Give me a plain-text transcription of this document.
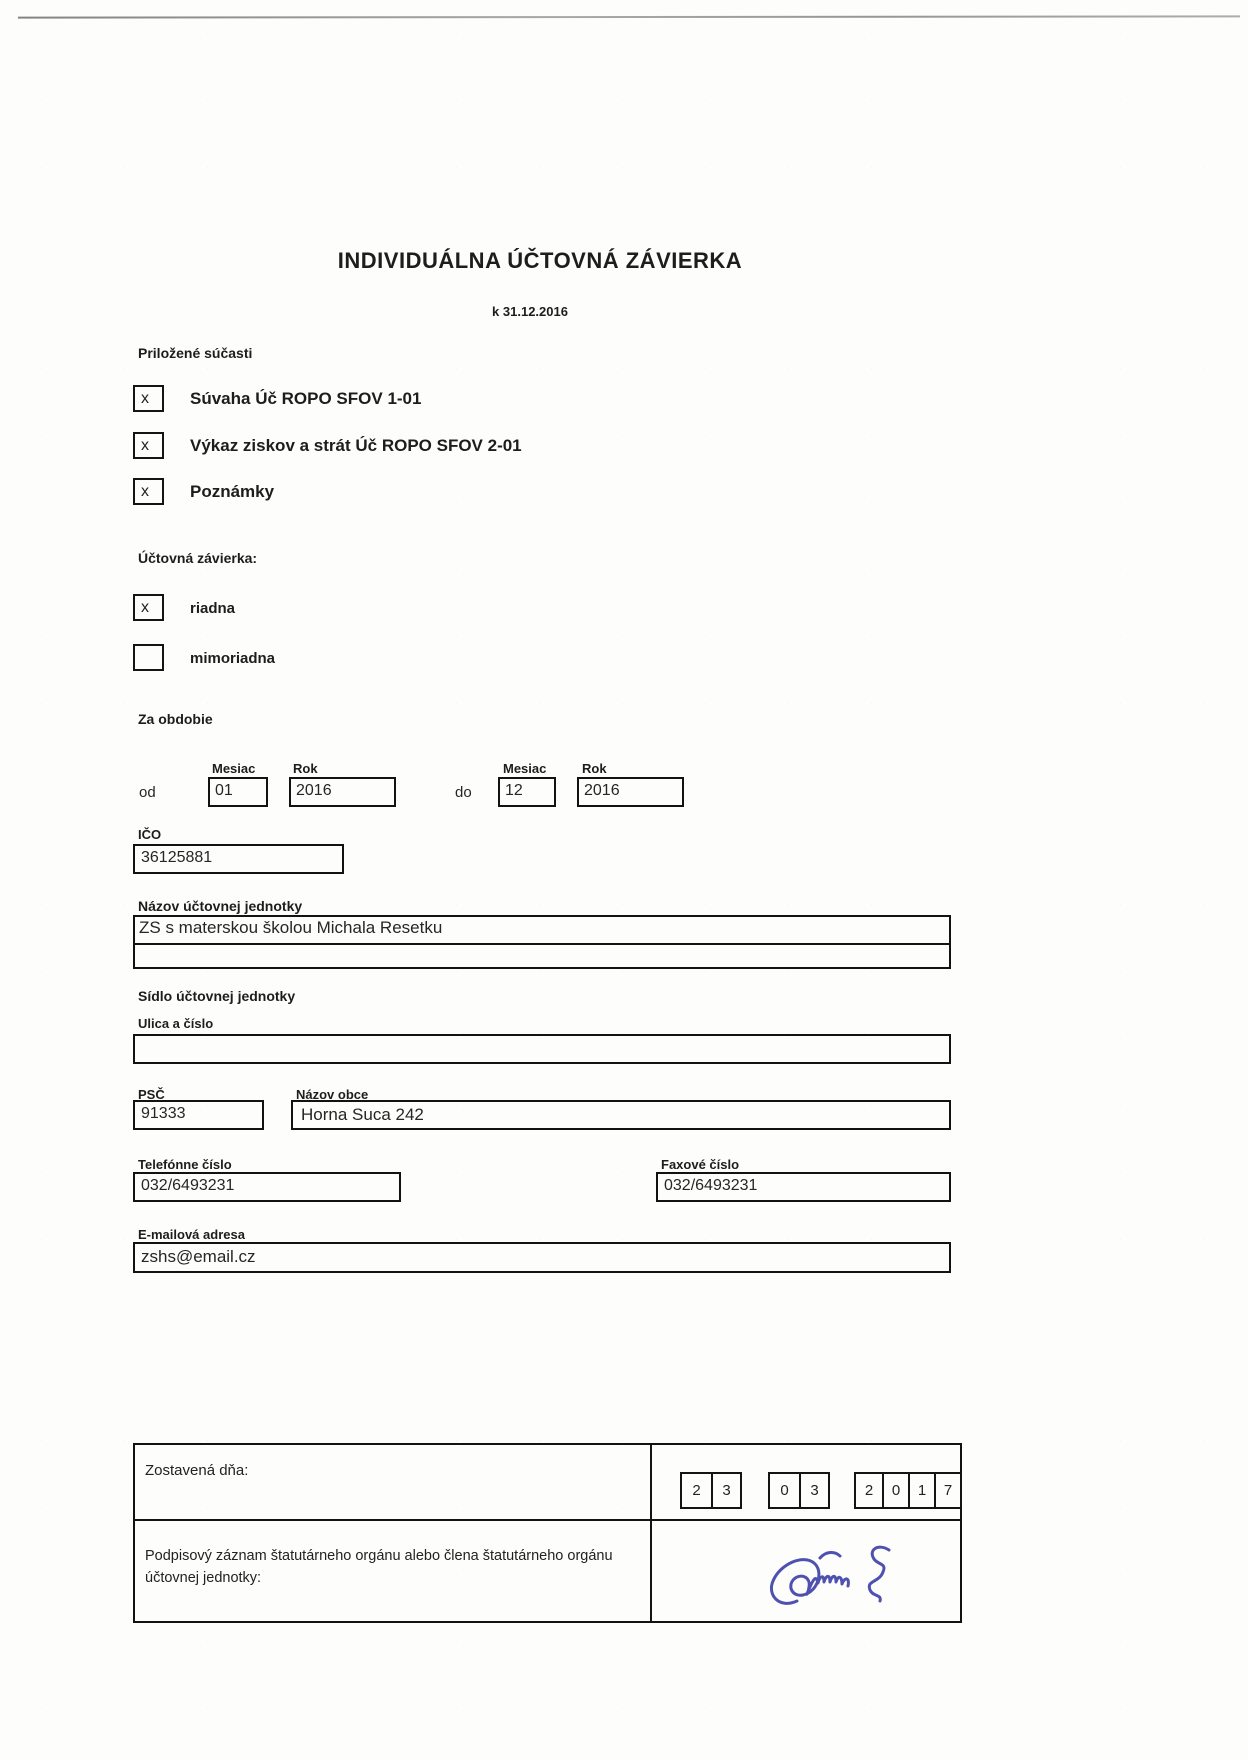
INDIVIDUÁLNA ÚČTOVNÁ ZÁVIERKA
k 31.12.2016
Priložené súčasti
x	Súvaha Úč ROPO SFOV 1-01
x	Výkaz ziskov a strát Úč ROPO SFOV 2-01
x	Poznámky
Účtovná závierka:
x	riadna
mimoriadna
Za obdobie
Mesiac	Rok
od	01	2016
Mesiac	Rok
do	12	2016
IČO
36125881
Názov účtovnej jednotky
ZS s materskou školou Michala Resetku
Sídlo účtovnej jednotky
Ulica a číslo
PSČ
91333
Názov obce
Horna Suca 242
Telefónne číslo
032/6493231
Faxové číslo
032/6493231
E-mailová adresa
zshs@email.cz
Zostavená dňa:
2	3	0	3	2	0	1	7
Podpisový záznam štatutárneho orgánu alebo člena štatutárneho orgánu účtovnej jednotky:
